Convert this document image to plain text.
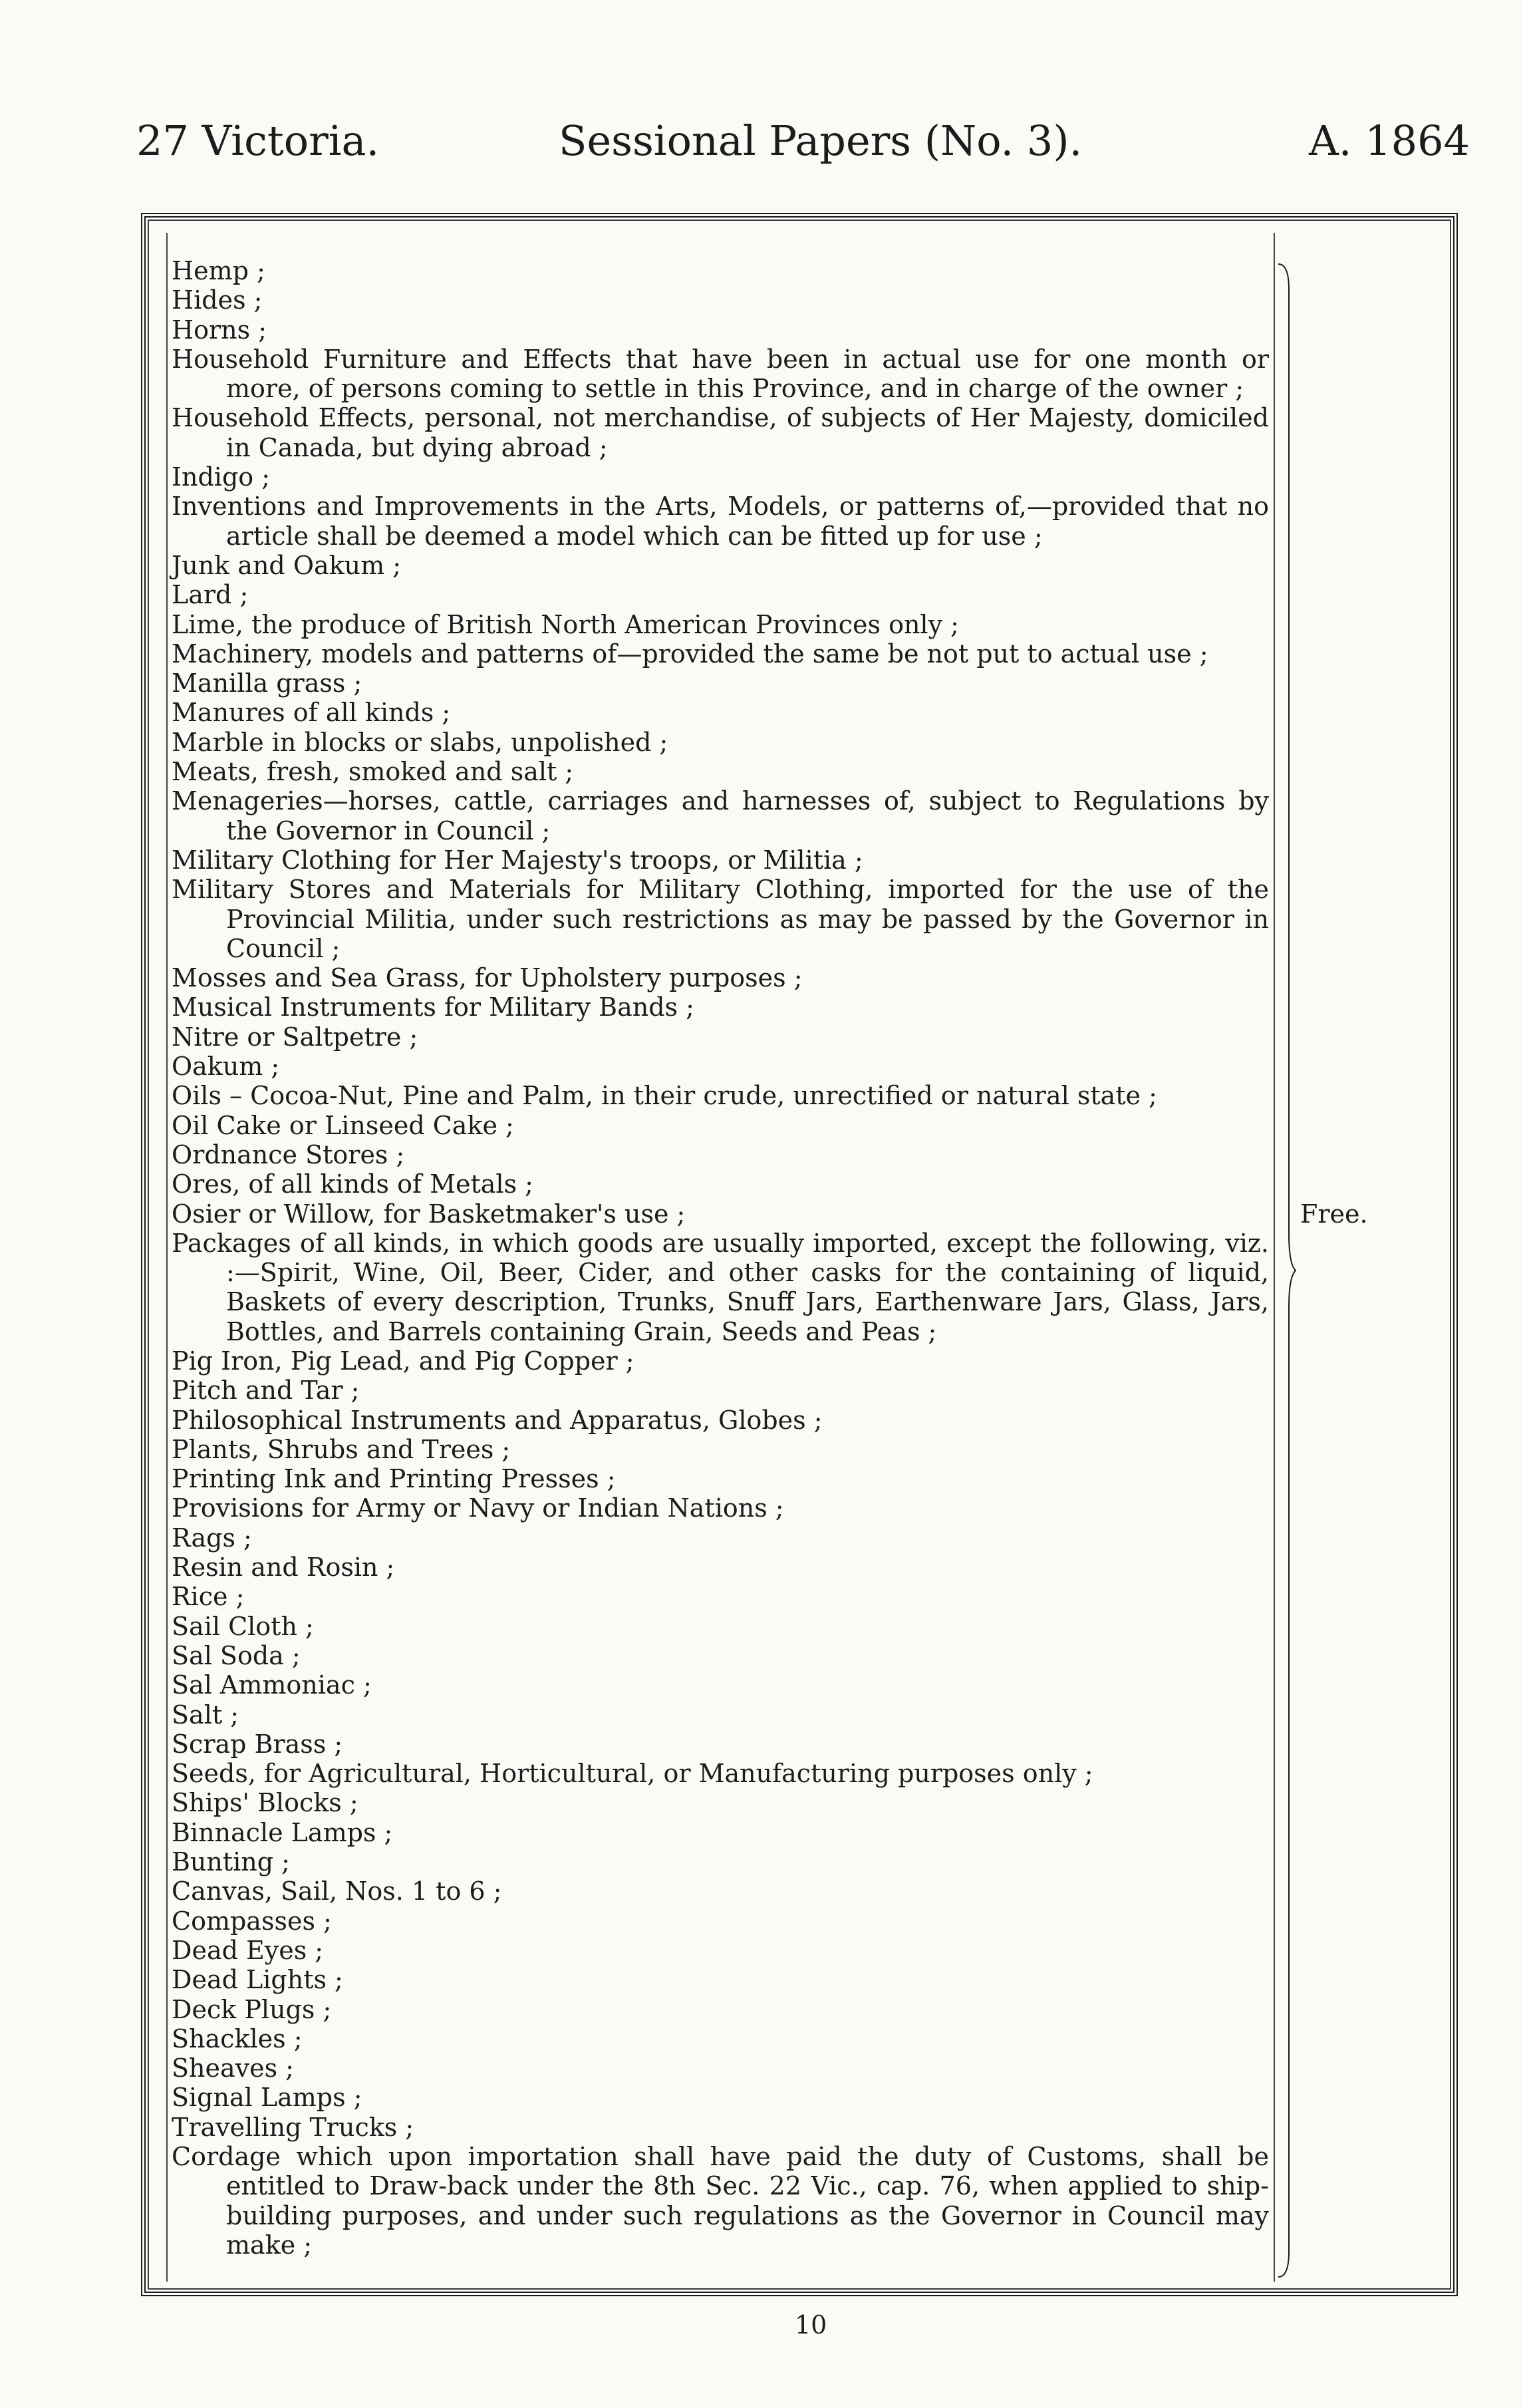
27 Victoria.	Sessional Papers (No. 3).	A. 1864

Hemp ;

Hides ;

Horns ;

Household Furniture and Effects that have been in actual use for one month or more, of persons coming to settle in this Province, and in charge of the owner ;

Household Effects, personal, not merchandise, of subjects of Her Majesty, domiciled in Canada, but dying abroad ;

Indigo ;

Inventions and Improvements in the Arts, Models, or patterns of,—provided that no article shall be deemed a model which can be fitted up for use ;

Junk and Oakum ;

Lard ;

Lime, the produce of British North American Provinces only ;

Machinery, models and patterns of—provided the same be not put to actual use ;

Manilla grass ;

Manures of all kinds ;

Marble in blocks or slabs, unpolished ;

Meats, fresh, smoked and salt ;

Menageries—horses, cattle, carriages and harnesses of, subject to Regulations by the Governor in Council ;

Military Clothing for Her Majesty's troops, or Militia ;

Military Stores and Materials for Military Clothing, imported for the use of the Provincial Militia, under such restrictions as may be passed by the Governor in Council ;

Mosses and Sea Grass, for Upholstery purposes ;

Musical Instruments for Military Bands ;

Nitre or Saltpetre ;

Oakum ;

Oils – Cocoa-Nut, Pine and Palm, in their crude, unrectified or natural state ;

Oil Cake or Linseed Cake ;

Ordnance Stores ;

Ores, of all kinds of Metals ;

Osier or Willow, for Basketmaker's use ;

Packages of all kinds, in which goods are usually imported, except the following, viz. :—Spirit, Wine, Oil, Beer, Cider, and other casks for the containing of liquid, Baskets of every description, Trunks, Snuff Jars, Earthenware Jars, Glass, Jars, Bottles, and Barrels containing Grain, Seeds and Peas ;

Pig Iron, Pig Lead, and Pig Copper ;

Pitch and Tar ;

Philosophical Instruments and Apparatus, Globes ;

Plants, Shrubs and Trees ;

Printing Ink and Printing Presses ;

Provisions for Army or Navy or Indian Nations ;

Rags ;

Resin and Rosin ;

Rice ;

Sail Cloth ;

Sal Soda ;

Sal Ammoniac ;

Salt ;

Scrap Brass ;

Seeds, for Agricultural, Horticultural, or Manufacturing purposes only ;

Ships' Blocks ;

Binnacle Lamps ;

Bunting ;

Canvas, Sail, Nos. 1 to 6 ;

Compasses ;

Dead Eyes ;

Dead Lights ;

Deck Plugs ;

Shackles ;

Sheaves ;

Signal Lamps ;

Travelling Trucks ;

Cordage which upon importation shall have paid the duty of Customs, shall be entitled to Draw-back under the 8th Sec. 22 Vic., cap. 76, when applied to ship-building purposes, and under such regulations as the Governor in Council may make ;

Free.
10
